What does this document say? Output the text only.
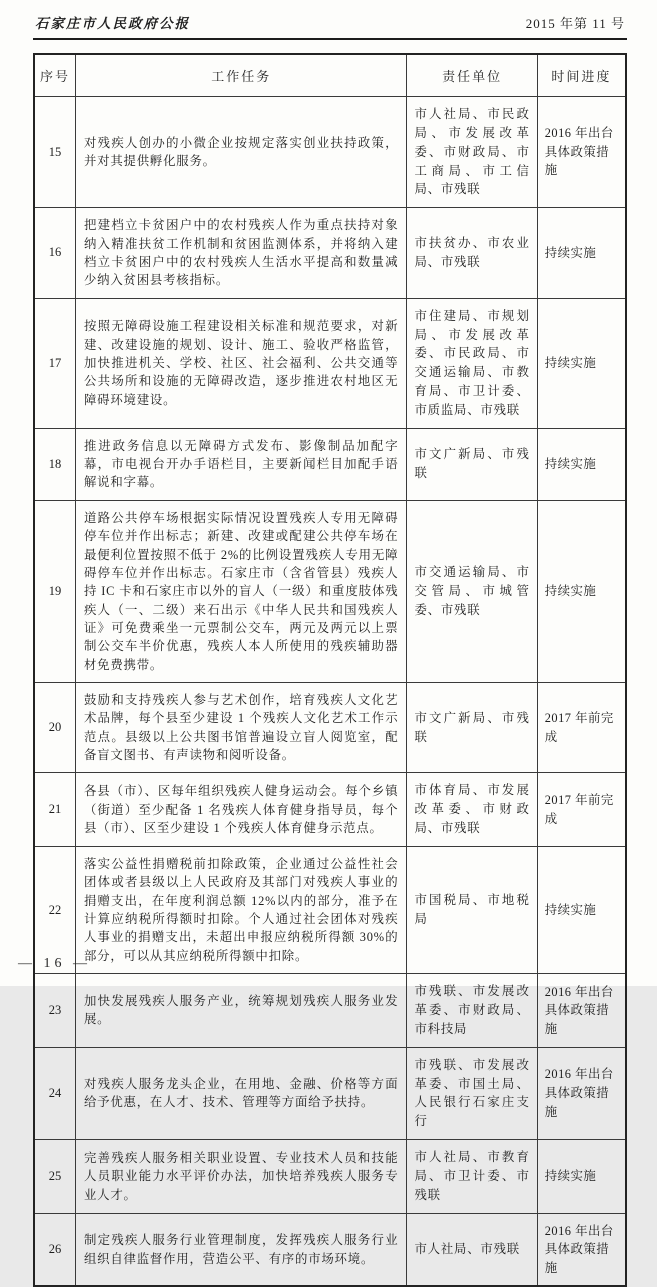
石家庄市人民政府公报	2015 年第 11 号
序号	工作任务	责任单位	时间进度
15	对残疾人创办的小微企业按规定落实创业扶持政策，并对其提供孵化服务。	市人社局、市民政局、市发展改革委、市财政局、市工商局、市工信局、市残联	2016 年出台具体政策措施
16	把建档立卡贫困户中的农村残疾人作为重点扶持对象纳入精准扶贫工作机制和贫困监测体系，并将纳入建档立卡贫困户中的农村残疾人生活水平提高和数量减少纳入贫困县考核指标。	市扶贫办、市农业局、市残联	持续实施
17	按照无障碍设施工程建设相关标准和规范要求，对新建、改建设施的规划、设计、施工、验收严格监管，加快推进机关、学校、社区、社会福利、公共交通等公共场所和设施的无障碍改造，逐步推进农村地区无障碍环境建设。	市住建局、市规划局、市发展改革委、市民政局、市交通运输局、市教育局、市卫计委、市质监局、市残联	持续实施
18	推进政务信息以无障碍方式发布、影像制品加配字幕，市电视台开办手语栏目，主要新闻栏目加配手语解说和字幕。	市文广新局、市残联	持续实施
19	道路公共停车场根据实际情况设置残疾人专用无障碍停车位并作出标志；新建、改建或配建公共停车场在最便利位置按照不低于 2%的比例设置残疾人专用无障碍停车位并作出标志。石家庄市（含省管县）残疾人持 IC 卡和石家庄市以外的盲人（一级）和重度肢体残疾人（一、二级）来石出示《中华人民共和国残疾人证》可免费乘坐一元票制公交车，两元及两元以上票制公交车半价优惠，残疾人本人所使用的残疾辅助器材免费携带。	市交通运输局、市交管局、市城管委、市残联	持续实施
20	鼓励和支持残疾人参与艺术创作，培育残疾人文化艺术品牌，每个县至少建设 1 个残疾人文化艺术工作示范点。县级以上公共图书馆普遍设立盲人阅览室，配备盲文图书、有声读物和阅听设备。	市文广新局、市残联	2017 年前完成
21	各县（市）、区每年组织残疾人健身运动会。每个乡镇（街道）至少配备 1 名残疾人体育健身指导员，每个县（市）、区至少建设 1 个残疾人体育健身示范点。	市体育局、市发展改革委、市财政局、市残联	2017 年前完成
22	落实公益性捐赠税前扣除政策，企业通过公益性社会团体或者县级以上人民政府及其部门对残疾人事业的捐赠支出，在年度利润总额 12%以内的部分，准予在计算应纳税所得额时扣除。个人通过社会团体对残疾人事业的捐赠支出，未超出申报应纳税所得额 30%的部分，可以从其应纳税所得额中扣除。	市国税局、市地税局	持续实施
23	加快发展残疾人服务产业，统筹规划残疾人服务业发展。	市残联、市发展改革委、市财政局、市科技局	2016 年出台具体政策措施
24	对残疾人服务龙头企业，在用地、金融、价格等方面给予优惠，在人才、技术、管理等方面给予扶持。	市残联、市发展改革委、市国土局、人民银行石家庄支行	2016 年出台具体政策措施
25	完善残疾人服务相关职业设置、专业技术人员和技能人员职业能力水平评价办法，加快培养残疾人服务专业人才。	市人社局、市教育局、市卫计委、市残联	持续实施
26	制定残疾人服务行业管理制度，发挥残疾人服务行业组织自律监督作用，营造公平、有序的市场环境。	市人社局、市残联	2016 年出台具体政策措施
— 16 —
